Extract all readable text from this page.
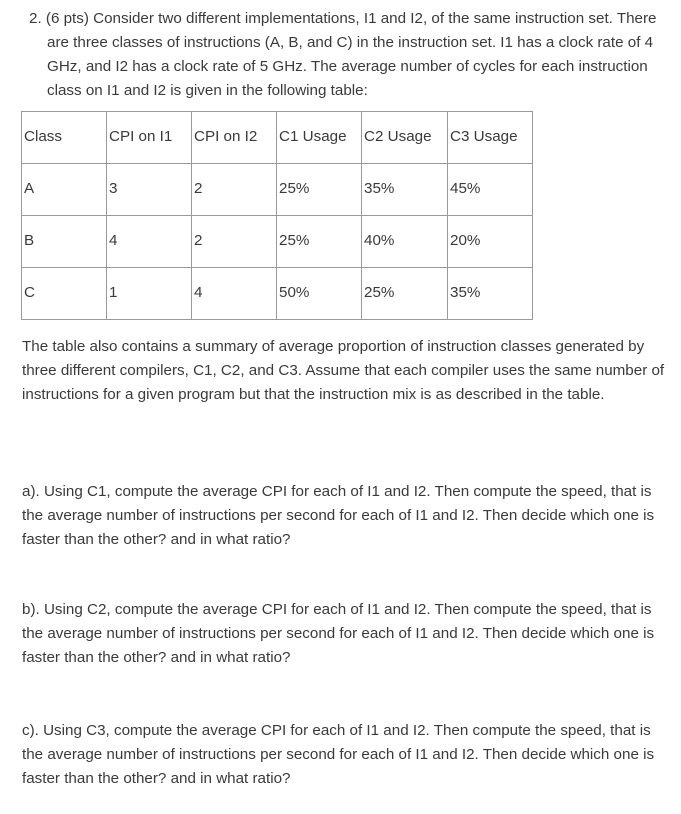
2. (6 pts) Consider two different implementations, I1 and I2, of the same instruction set. There are three classes of instructions (A, B, and C) in the instruction set. I1 has a clock rate of 4 GHz, and I2 has a clock rate of 5 GHz. The average number of cycles for each instruction class on I1 and I2 is given in the following table:

Class	CPI on I1	CPI on I2	C1 Usage	C2 Usage	C3 Usage
A	3	2	25%	35%	45%
B	4	2	25%	40%	20%
C	1	4	50%	25%	35%

The table also contains a summary of average proportion of instruction classes generated by three different compilers, C1, C2, and C3. Assume that each compiler uses the same number of instructions for a given program but that the instruction mix is as described in the table.

a). Using C1, compute the average CPI for each of I1 and I2. Then compute the speed, that is the average number of instructions per second for each of I1 and I2. Then decide which one is faster than the other? and in what ratio?

b). Using C2, compute the average CPI for each of I1 and I2. Then compute the speed, that is the average number of instructions per second for each of I1 and I2. Then decide which one is faster than the other? and in what ratio?

c). Using C3, compute the average CPI for each of I1 and I2. Then compute the speed, that is the average number of instructions per second for each of I1 and I2. Then decide which one is faster than the other? and in what ratio?
